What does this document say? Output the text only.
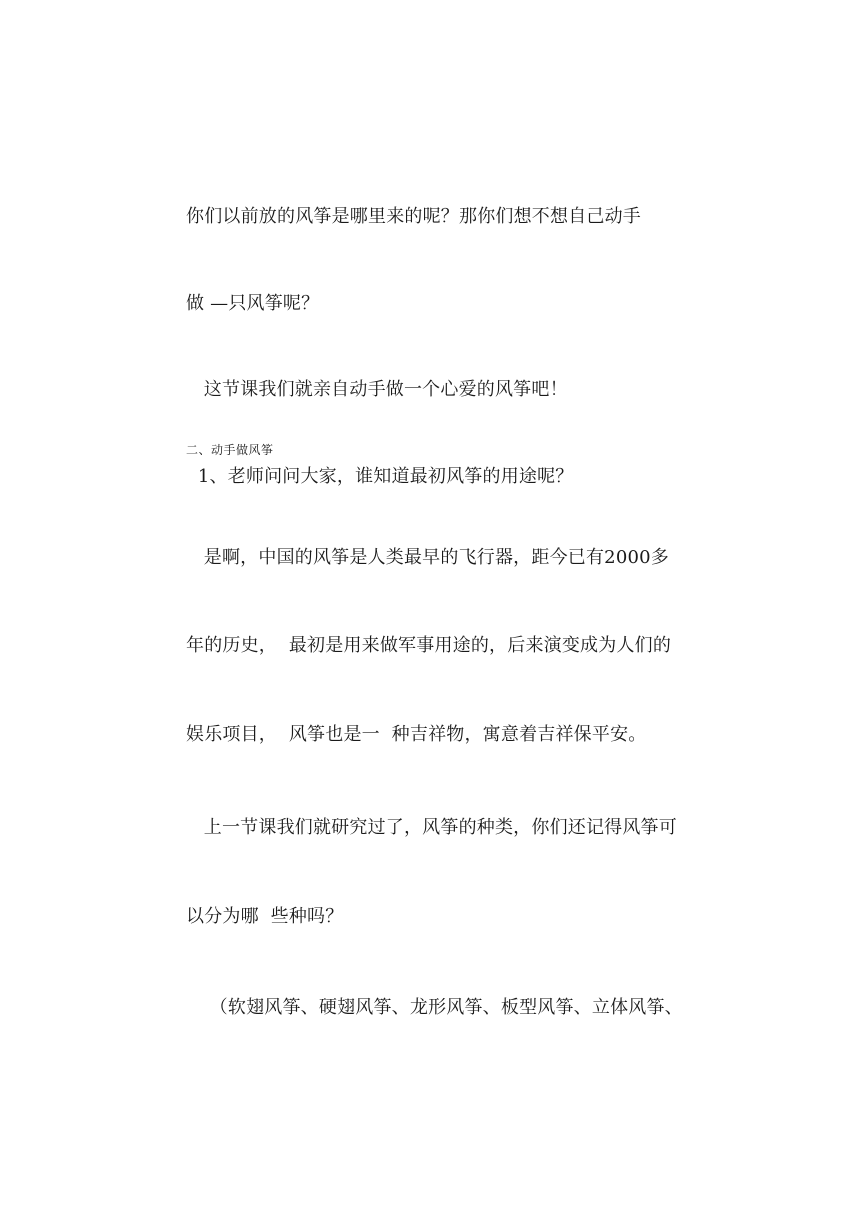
你们以前放的风筝是哪里来的呢？那你们想不想自己动手
做 —只风筝呢？
这节课我们就亲自动手做一个心爱的风筝吧！
二、动手做风筝
1、老师问问大家，谁知道最初风筝的用途呢？
是啊，中国的风筝是人类最早的飞行器，距今已有2000多
年的历史，  最初是用来做军事用途的，后来演变成为人们的
娱乐项目，  风筝也是一  种吉祥物，寓意着吉祥保平安。
上一节课我们就研究过了，风筝的种类，你们还记得风筝可
以分为哪  些种吗？
（软翅风筝、硬翅风筝、龙形风筝、板型风筝、立体风筝、
